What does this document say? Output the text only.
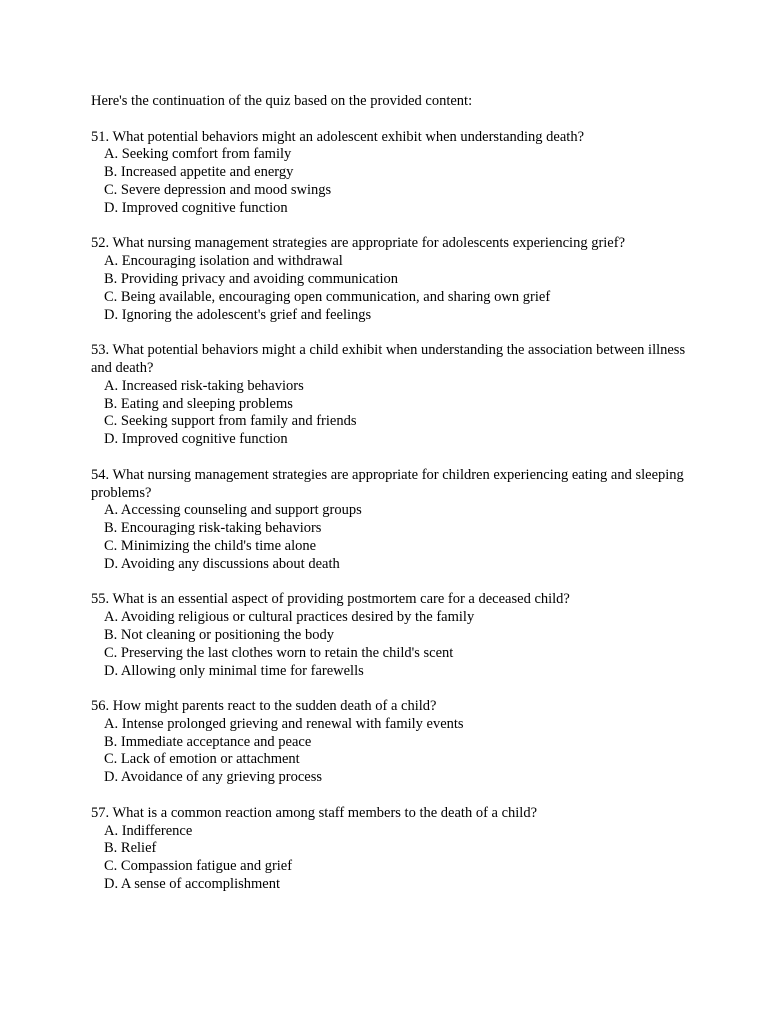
Here's the continuation of the quiz based on the provided content:

51. What potential behaviors might an adolescent exhibit when understanding death?

A. Seeking comfort from family
B. Increased appetite and energy
C. Severe depression and mood swings
D. Improved cognitive function

52. What nursing management strategies are appropriate for adolescents experiencing grief?

A. Encouraging isolation and withdrawal
B. Providing privacy and avoiding communication
C. Being available, encouraging open communication, and sharing own grief
D. Ignoring the adolescent's grief and feelings

53. What potential behaviors might a child exhibit when understanding the association between illness and death?

A. Increased risk-taking behaviors
B. Eating and sleeping problems
C. Seeking support from family and friends
D. Improved cognitive function

54. What nursing management strategies are appropriate for children experiencing eating and sleeping problems?

A. Accessing counseling and support groups
B. Encouraging risk-taking behaviors
C. Minimizing the child's time alone
D. Avoiding any discussions about death

55. What is an essential aspect of providing postmortem care for a deceased child?

A. Avoiding religious or cultural practices desired by the family
B. Not cleaning or positioning the body
C. Preserving the last clothes worn to retain the child's scent
D. Allowing only minimal time for farewells

56. How might parents react to the sudden death of a child?

A. Intense prolonged grieving and renewal with family events
B. Immediate acceptance and peace
C. Lack of emotion or attachment
D. Avoidance of any grieving process

57. What is a common reaction among staff members to the death of a child?

A. Indifference
B. Relief
C. Compassion fatigue and grief
D. A sense of accomplishment
